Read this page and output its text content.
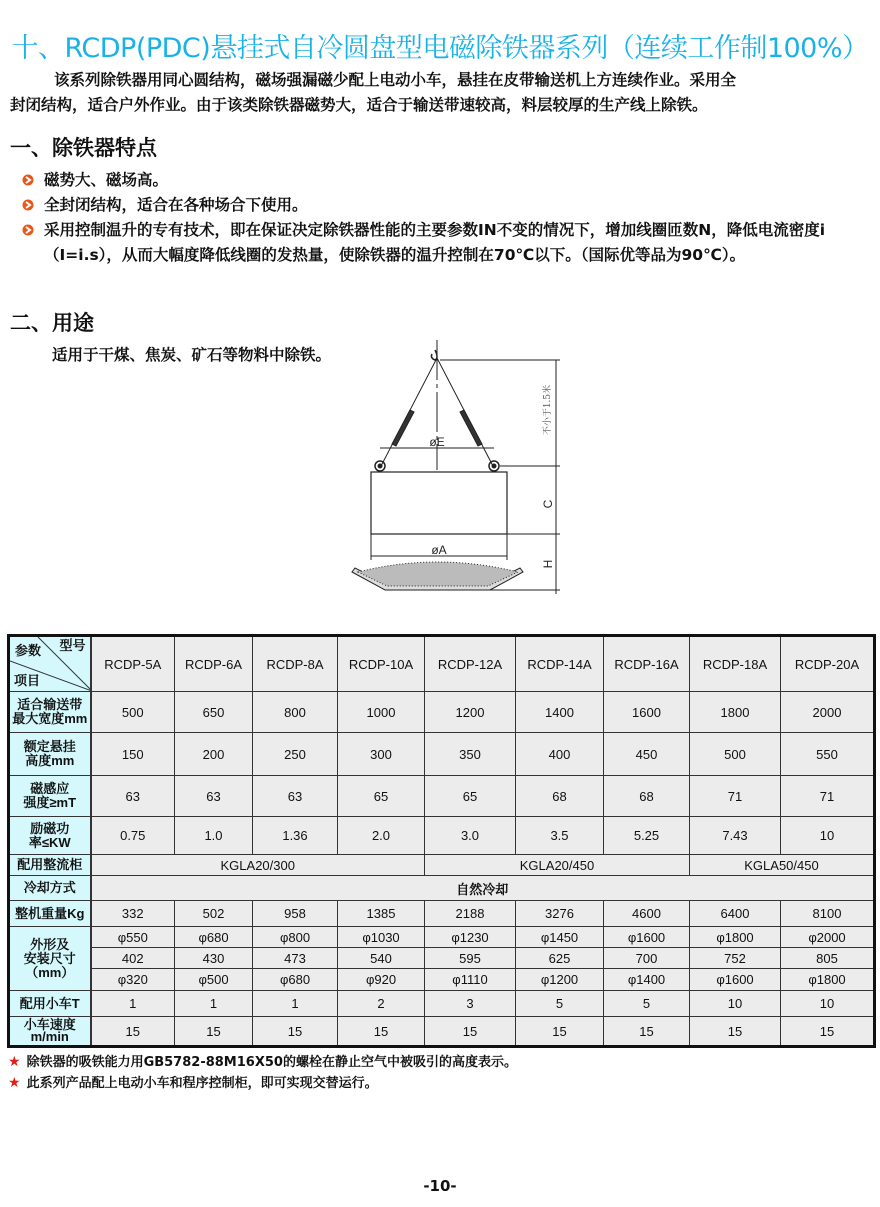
十、RCDP(PDC)悬挂式自冷圆盘型电磁除铁器系列（连续工作制100%）

该系列除铁器用同心圆结构，磁场强漏磁少配上电动小车，悬挂在皮带输送机上方连续作业。采用全

封闭结构，适合户外作业。由于该类除铁器磁势大，适合于输送带速较高，料层较厚的生产线上除铁。

一、除铁器特点
磁势大、磁场高。
全封闭结构，适合在各种场合下使用。
采用控制温升的专有技术，即在保证决定除铁器性能的主要参数IN不变的情况下，增加线圈匝数N，降低电流密度i（I=i.s），从而大幅度降低线圈的发热量，使除铁器的温升控制在70℃以下。（国际优等品为90℃）。
二、用途
适用于干煤、焦炭、矿石等物料中除铁。
øE
øA
C
H
不小于1.5米
参数 型号
项目	RCDP-5A	RCDP-6A	RCDP-8A	RCDP-10A	RCDP-12A	RCDP-14A	RCDP-16A	RCDP-18A	RCDP-20A

适合输送带
最大宽度mm	500	650	800	1000	1200	1400	1600	1800	2000

额定悬挂
高度mm	150	200	250	300	350	400	450	500	550

磁感应
强度≥mT	63	63	63	65	65	68	68	71	71

励磁功
率≤KW	0.75	1.0	1.36	2.0	3.0	3.5	5.25	7.43	10
配用整流柜	KGLA20/300				KGLA20/450			KGLA50/450	
冷却方式	自然冷却								
整机重量Kg	332	502	958	1385	2188	3276	4600	6400	8100

外形及
安装尺寸
（mm）	φ550	φ680	φ800	φ1030	φ1230	φ1450	φ1600	φ1800	φ2000
	402	430	473	540	595	625	700	752	805
	φ320	φ500	φ680	φ920	φ1110	φ1200	φ1400	φ1600	φ1800
配用小车T	1	1	1	2	3	5	5	10	10

小车速度
m/min	15	15	15	15	15	15	15	15	15
★ 除铁器的吸铁能力用GB5782-88M16X50的螺栓在静止空气中被吸引的高度表示。
★ 此系列产品配上电动小车和程序控制柜，即可实现交替运行。
-10-
